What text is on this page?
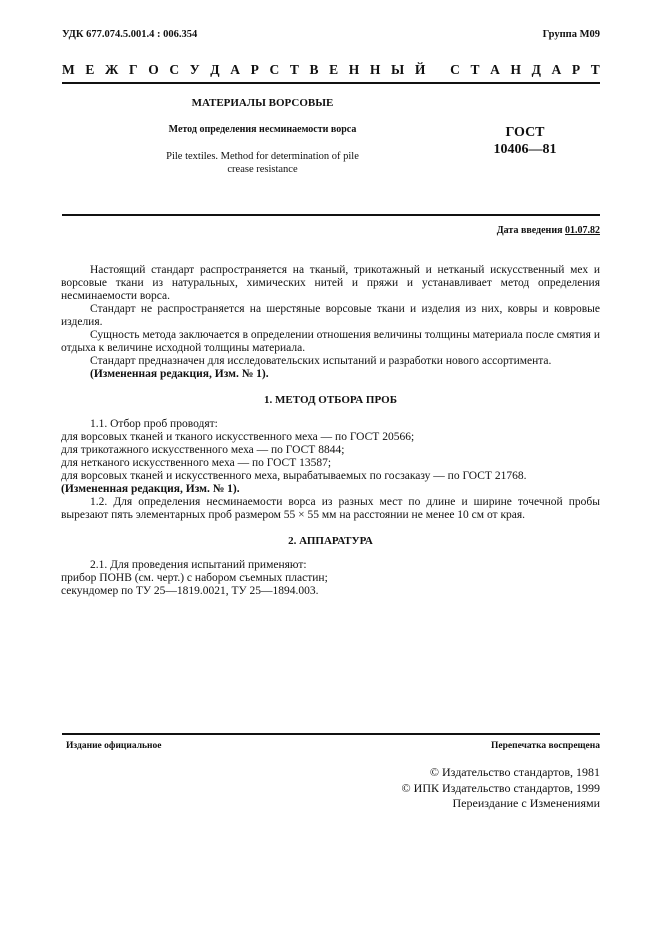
УДК 677.074.5.001.4 : 006.354	Группа М09
М Е Ж Г О С У Д А Р С Т В Е Н Н Ы Й
С Т А Н Д А Р Т
МАТЕРИАЛЫ ВОРСОВЫЕ
Метод определения несминаемости ворса
Pile textiles. Method for determination of pile
crease resistance
ГОСТ
10406—81
Дата введения 01.07.82

Настоящий стандарт распространяется на тканый, трикотажный и нетканый искусственный мех и ворсовые ткани из натуральных, химических нитей и пряжи и устанавливает метод определения несминаемости ворса.

Стандарт не распространяется на шерстяные ворсовые ткани и изделия из них, ковры и ковровые изделия.

Сущность метода заключается в определении отношения величины толщины материала после смятия и отдыха к величине исходной толщины материала.

Стандарт предназначен для исследовательских испытаний и разработки нового ассортимента.

(Измененная редакция, Изм. № 1).

1. МЕТОД ОТБОРА ПРОБ

1.1. Отбор проб проводят:

для ворсовых тканей и тканого искусственного меха — по ГОСТ 20566;

для трикотажного искусственного меха — по ГОСТ 8844;

для нетканого искусственного меха — по ГОСТ 13587;

для ворсовых тканей и искусственного меха, вырабатываемых по госзаказу — по ГОСТ 21768.

(Измененная редакция, Изм. № 1).

1.2. Для определения несминаемости ворса из разных мест по длине и ширине точечной пробы вырезают пять элементарных проб размером 55 × 55 мм на расстоянии не менее 10 см от края.

2. АППАРАТУРА

2.1. Для проведения испытаний применяют:

прибор ПОНВ (см. черт.) с набором съемных пластин;

секундомер по ТУ 25—1819.0021, ТУ 25—1894.003.

Издание официальное	Перепечатка воспрещена
© Издательство стандартов, 1981
© ИПК Издательство стандартов, 1999
Переиздание с Изменениями
